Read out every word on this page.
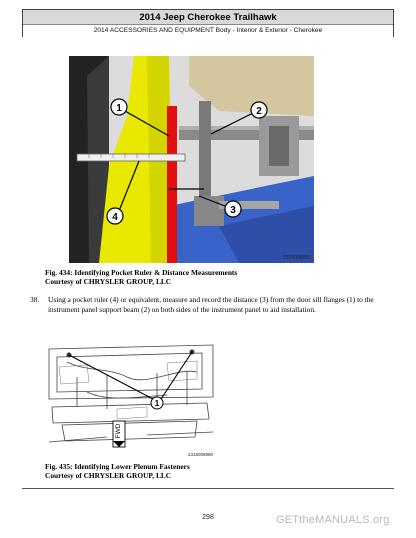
2014 Jeep Cherokee Trailhawk
2014 ACCESSORIES AND EQUIPMENT Body - Interior & Exterior - Cherokee
1	2
3
4
2315008652
Fig. 434: Identifying Pocket Ruler & Distance Measurements
Courtesy of CHRYSLER GROUP, LLC
38. Using a pocket ruler (4) or equivalent, measure and record the distance (3) from the door sill flanges (1) to the instrument panel support beam (2) on both sides of the instrument panel to aid installation.
1
FWD
2315008980
Fig. 435: Identifying Lower Plenum Fasteners
Courtesy of CHRYSLER GROUP, LLC
298	GETtheMANUALS.org
